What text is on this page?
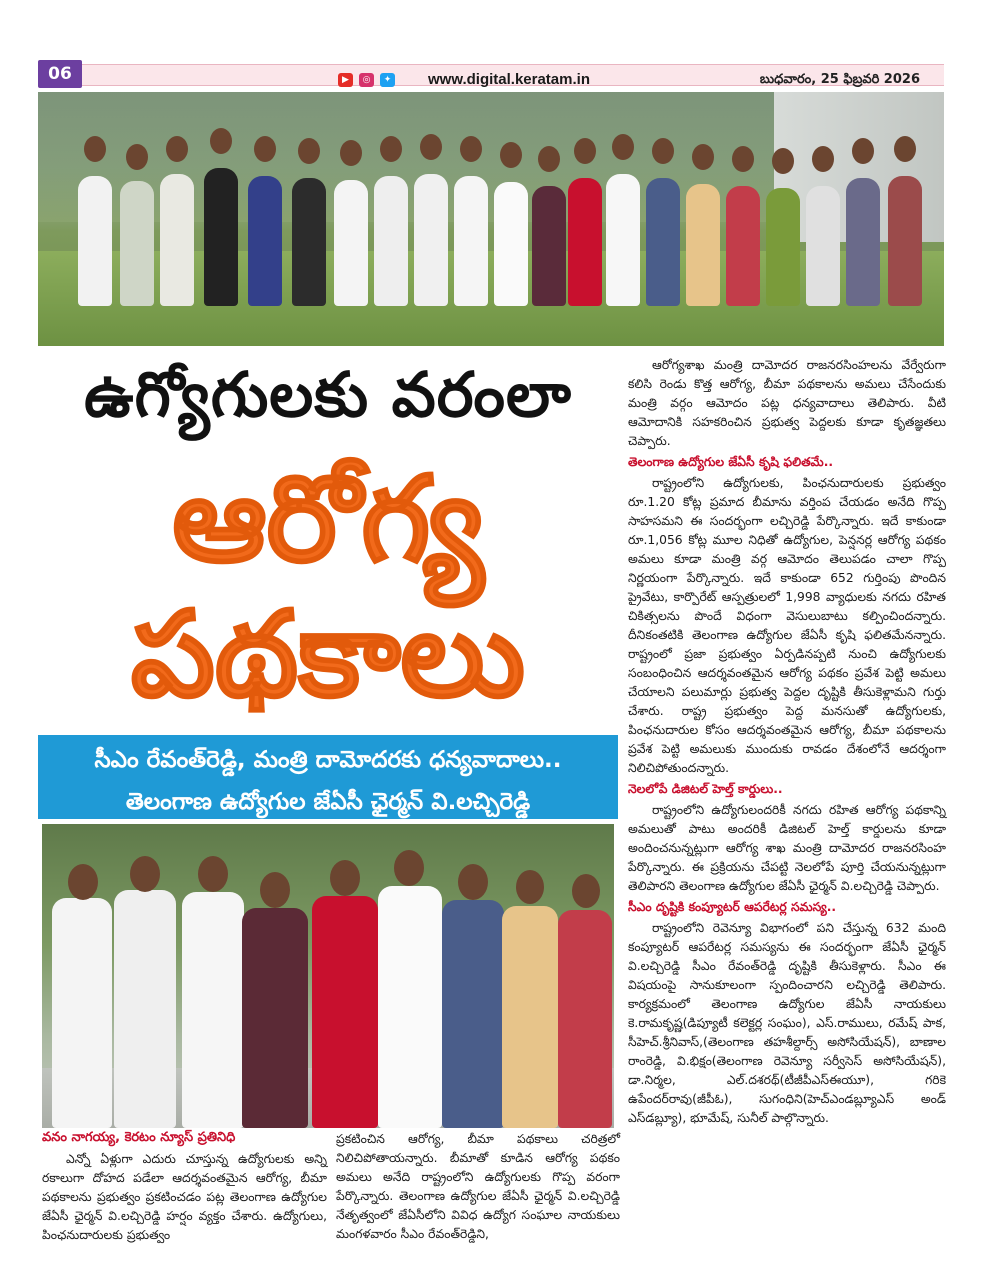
06	▶	◎	✦ www.digital.keratam.in	బుధవారం, 25 ఫిబ్రవరి 2026
ఉగ్యోగులకు వరంలా
ఆరోగ్య
పథకాలు
సీఎం రేవంత్‌రెడ్డి, మంత్రి దామోదరకు ధన్యవాదాలు..
తెలంగాణ ఉద్యోగుల జేఏసీ ఛైర్మన్ వి.లచ్చిరెడ్డి
వనం నాగయ్య, కెరటం న్యూస్ ప్రతినిధి

ఎన్నో ఏళ్లుగా ఎదురు చూస్తున్న ఉద్యోగులకు అన్ని రకాలుగా దోహద పడేలా ఆదర్శవంతమైన ఆరోగ్య, బీమా పథకాలను ప్రభుత్వం ప్రకటించడం పట్ల తెలంగాణ ఉద్యోగుల జేఏసీ ఛైర్మన్ వి.లచ్చిరెడ్డి హర్షం వ్యక్తం చేశారు. ఉద్యోగులు, పింఛనుదారులకు ప్రభుత్వం

ప్రకటించిన ఆరోగ్య, బీమా పథకాలు చరిత్రలో నిలిచిపోతాయన్నారు. బీమాతో కూడిన ఆరోగ్య పథకం అమలు అనేది రాష్ట్రంలోని ఉద్యోగులకు గొప్ప వరంగా పేర్కొన్నారు. తెలంగాణ ఉద్యోగుల జేఏసీ ఛైర్మన్ వి.లచ్చిరెడ్డి నేతృత్వంలో జేఏసీలోని వివిధ ఉద్యోగ సంఘాల నాయకులు మంగళవారం సీఎం రేవంత్‌రెడ్డిని,

ఆరోగ్యశాఖ మంత్రి దామోదర రాజనరసింహలను వేర్వేరుగా కలిసి రెండు కొత్త ఆరోగ్య, బీమా పథకాలను అమలు చేసేందుకు మంత్రి వర్గం ఆమోదం పట్ల ధన్యవాదాలు తెలిపారు. వీటి ఆమోదానికి సహకరించిన ప్రభుత్వ పెద్దలకు కూడా కృతజ్ఞతలు చెప్పారు.

తెలంగాణ ఉద్యోగుల జేఏసీ కృషి ఫలితమే..

రాష్ట్రంలోని ఉద్యోగులకు, పింఛనుదారులకు ప్రభుత్వం రూ.1.20 కోట్ల ప్రమాద బీమాను వర్తింప చేయడం అనేది గొప్ప సాహసమని ఈ సందర్భంగా లచ్చిరెడ్డి పేర్కొన్నారు. ఇదే కాకుండా రూ.1,056 కోట్ల మూల నిధితో ఉద్యోగుల, పెన్షనర్ల ఆరోగ్య పథకం అమలు కూడా మంత్రి వర్గ ఆమోదం తెలుపడం చాలా గొప్ప నిర్ణయంగా పేర్కొన్నారు. ఇదే కాకుండా 652 గుర్తింపు పొందిన ప్రైవేటు, కార్పొరేట్ ఆస్పత్రులలో 1,998 వ్యాధులకు నగదు రహిత చికిత్సలను పొందే విధంగా వెసులుబాటు కల్పించిందన్నారు. దీనికంతటికి తెలంగాణ ఉద్యోగుల జేఏసీ కృషి ఫలితమేనన్నారు. రాష్ట్రంలో ప్రజా ప్రభుత్వం ఏర్పడినప్పటి నుంచి ఉద్యోగులకు సంబంధించిన ఆదర్శవంతమైన ఆరోగ్య పథకం ప్రవేశ పెట్టి అమలు చేయాలని పలుమార్లు ప్రభుత్వ పెద్దల దృష్టికి తీసుకెళ్లామని గుర్తు చేశారు. రాష్ట్ర ప్రభుత్వం పెద్ద మనసుతో ఉద్యోగులకు, పింఛనుదారుల కోసం ఆదర్శవంతమైన ఆరోగ్య, బీమా పథకాలను ప్రవేశ పెట్టి అమలుకు ముందుకు రావడం దేశంలోనే ఆదర్శంగా నిలిచిపోతుందన్నారు.

నెలలోపే డిజిటల్ హెల్త్ కార్డులు..

రాష్ట్రంలోని ఉద్యోగులందరికీ నగదు రహిత ఆరోగ్య పథకాన్ని అమలుతో పాటు అందరికీ డిజిటల్ హెల్త్ కార్డులను కూడా అందించనున్నట్లుగా ఆరోగ్య శాఖ మంత్రి దామోదర రాజనరసింహ పేర్కొన్నారు. ఈ ప్రక్రియను చేపట్టి నెలలోపే పూర్తి చేయనున్నట్లుగా తెలిపారని తెలంగాణ ఉద్యోగుల జేఏసీ ఛైర్మన్ వి.లచ్చిరెడ్డి చెప్పారు.

సీఎం దృష్టికి కంప్యూటర్ ఆపరేటర్ల సమస్య..

రాష్ట్రంలోని రెవెన్యూ విభాగంలో పని చేస్తున్న 632 మంది కంప్యూటర్ ఆపరేటర్ల సమస్యను ఈ సందర్భంగా జేఏసీ ఛైర్మన్ వి.లచ్చిరెడ్డి సీఎం రేవంత్‌రెడ్డి దృష్టికి తీసుకెళ్లారు. సీఎం ఈ విషయంపై సానుకూలంగా స్పందించారని లచ్చిరెడ్డి తెలిపారు. కార్యక్రమంలో తెలంగాణ ఉద్యోగుల జేఏసీ నాయకులు కె.రామకృష్ణ(డిప్యూటీ కలెక్టర్ల సంఘం), ఎస్.రాములు, రమేష్ పాక, సీహెచ్.శ్రీనివాస్,(తెలంగాణ తహశీల్దార్స్ అసోసియేషన్), బాణాల రాంరెడ్డి, వి.భిక్షం(తెలంగాణ రెవెన్యూ సర్వీసెస్ అసోసియేషన్), డా.నిర్మల, ఎల్.దశరథ్(టీజీపీఎస్ఈయూ), గరికె ఉపేందర్‌రావు(జీపీఓ), సుగంధిని(హెచ్ఎండబ్ల్యూఎస్ అండ్ ఎస్‌డబ్ల్యూ), భూమేష్, సునీల్ పాల్గొన్నారు.
